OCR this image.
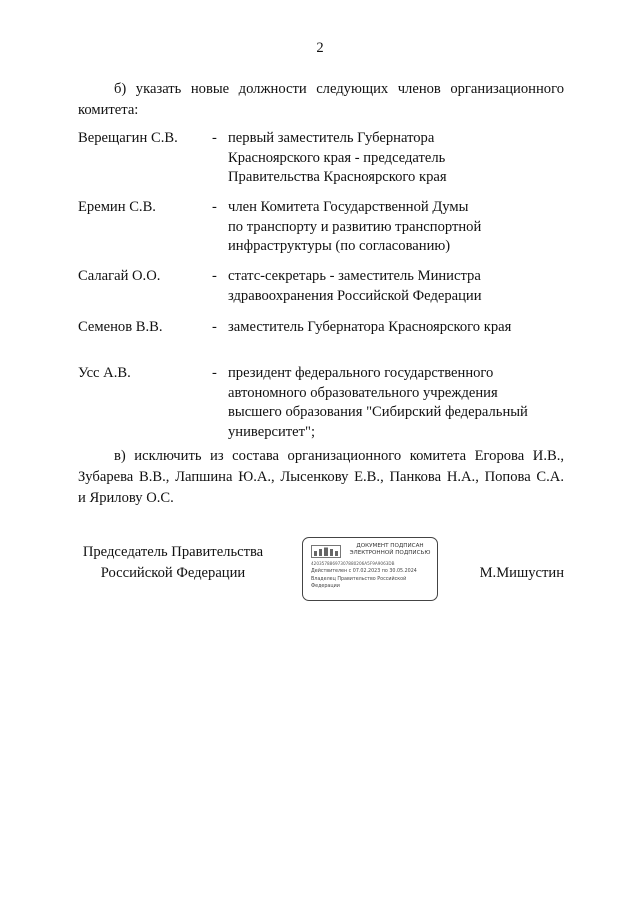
2
б) указать новые должности следующих членов организационного
комитета:
Верещагин С.В. - первый заместитель Губернатора
Красноярского края - председатель
Правительства Красноярского края
Еремин С.В.	- член Комитета Государственной Думы
по транспорту и развитию транспортной
инфраструктуры (по согласованию)
Салагай О.О.	- статс-секретарь - заместитель Министра
здравоохранения Российской Федерации
Семенов В.В.	- заместитель Губернатора Красноярского края
Усс А.В.	- президент федерального государственного
автономного образовательного учреждения
высшего образования "Сибирский федеральный
университет";
в) исключить из состава организационного комитета Егорова И.В.,
Зубарева В.В., Лапшина Ю.А., Лысенкову Е.В., Панкова Н.А., Попова С.А.
и Ярилову О.С.
Председатель Правительства
Российской Федерации
ДОКУМЕНТ ПОДПИСАН
ЭЛЕКТРОННОЙ ПОДПИСЬЮ
42035788697307880206A5F9A9063DB
Действителен с 07.02.2023 по 30.05.2024
Владелец Правительство Российской
Федерации
М.Мишустин
